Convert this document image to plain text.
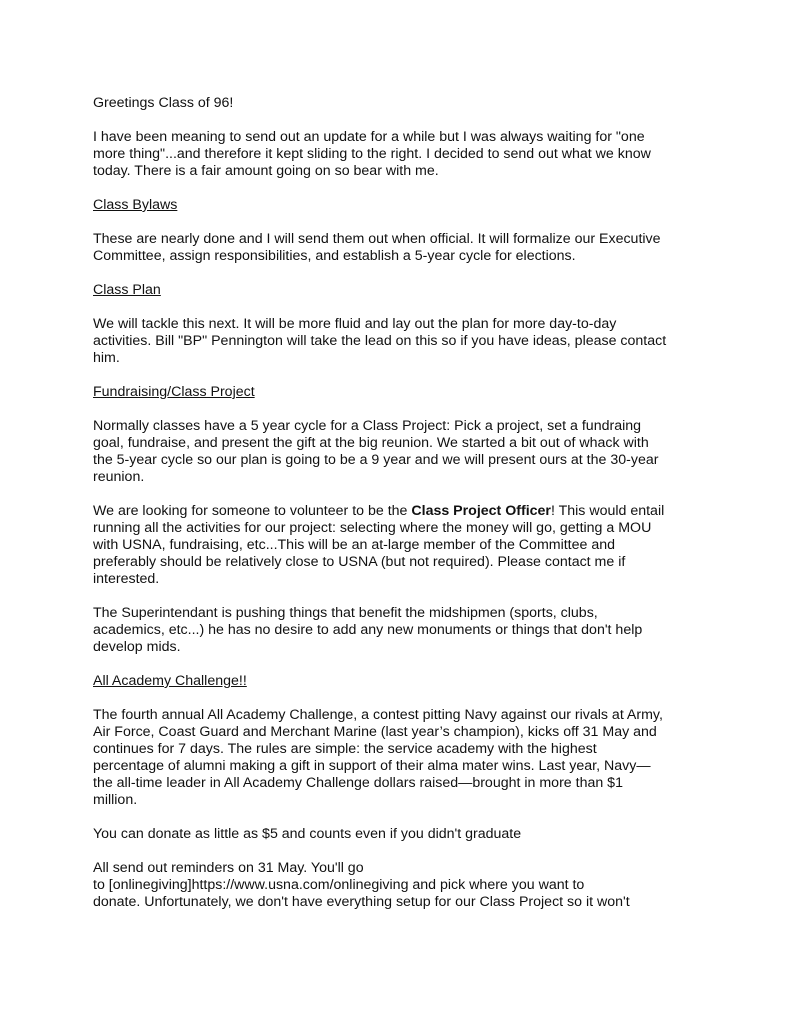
Greetings Class of 96!

I have been meaning to send out an update for a while but I was always waiting for "one
more thing"...and therefore it kept sliding to the right. I decided to send out what we know
today. There is a fair amount going on so bear with me.

Class Bylaws

These are nearly done and I will send them out when official. It will formalize our Executive
Committee, assign responsibilities, and establish a 5-year cycle for elections.

Class Plan

We will tackle this next. It will be more fluid and lay out the plan for more day-to-day
activities. Bill "BP" Pennington will take the lead on this so if you have ideas, please contact
him.

Fundraising/Class Project

Normally classes have a 5 year cycle for a Class Project: Pick a project, set a fundraing
goal, fundraise, and present the gift at the big reunion. We started a bit out of whack with
the 5-year cycle so our plan is going to be a 9 year and we will present ours at the 30-year
reunion.

We are looking for someone to volunteer to be the Class Project Officer! This would entail
running all the activities for our project: selecting where the money will go, getting a MOU
with USNA, fundraising, etc...This will be an at-large member of the Committee and
preferably should be relatively close to USNA (but not required). Please contact me if
interested.

The Superintendant is pushing things that benefit the midshipmen (sports, clubs,
academics, etc...) he has no desire to add any new monuments or things that don't help
develop mids.

All Academy Challenge!!

The fourth annual All Academy Challenge, a contest pitting Navy against our rivals at Army,
Air Force, Coast Guard and Merchant Marine (last year’s champion), kicks off 31 May and
continues for 7 days. The rules are simple: the service academy with the highest
percentage of alumni making a gift in support of their alma mater wins. Last year, Navy—
the all-time leader in All Academy Challenge dollars raised—brought in more than $1
million.

You can donate as little as $5 and counts even if you didn't graduate

All send out reminders on 31 May. You'll go
to [onlinegiving]https://www.usna.com/onlinegiving and pick where you want to
donate. Unfortunately, we don't have everything setup for our Class Project so it won't
